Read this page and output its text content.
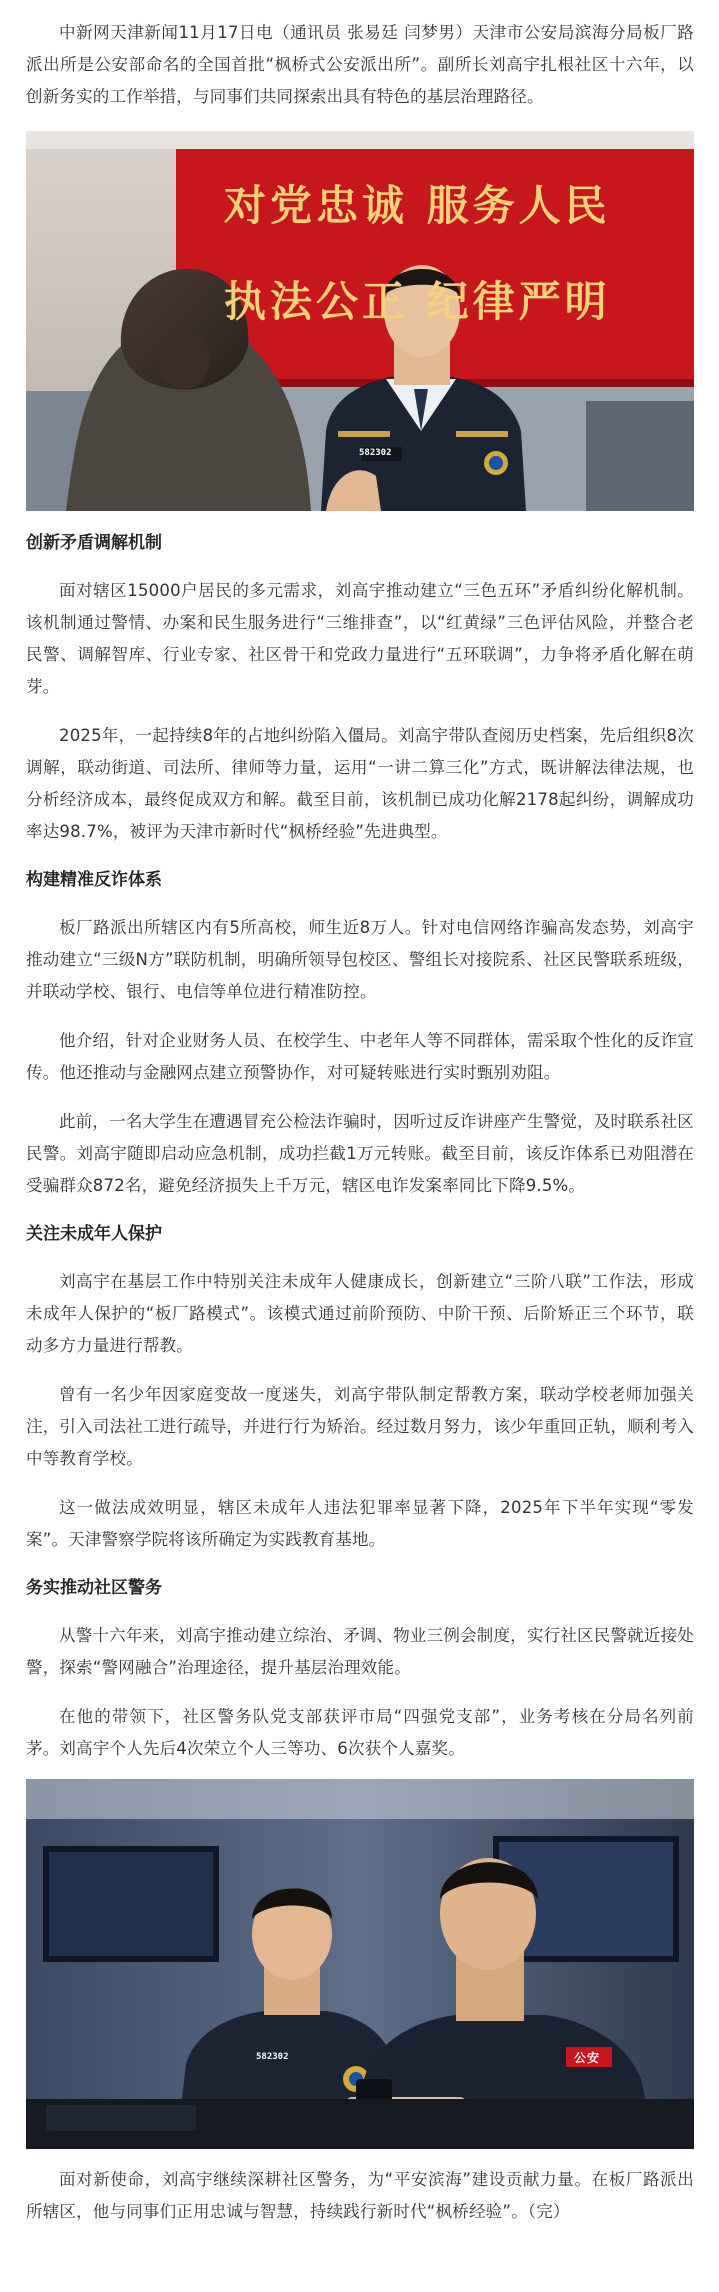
中新网天津新闻11月17日电（通讯员 张易廷 闫梦男）天津市公安局滨海分局板厂路派出所是公安部命名的全国首批“枫桥式公安派出所”。副所长刘高宇扎根社区十六年，以创新务实的工作举措，与同事们共同探索出具有特色的基层治理路径。

对党忠诚 服务人民
执法公正 纪律严明
582302
创新矛盾调解机制

面对辖区15000户居民的多元需求，刘高宇推动建立“三色五环”矛盾纠纷化解机制。该机制通过警情、办案和民生服务进行“三维排查”，以“红黄绿”三色评估风险，并整合老民警、调解智库、行业专家、社区骨干和党政力量进行“五环联调”，力争将矛盾化解在萌芽。

2025年，一起持续8年的占地纠纷陷入僵局。刘高宇带队查阅历史档案，先后组织8次调解，联动街道、司法所、律师等力量，运用“一讲二算三化”方式，既讲解法律法规，也分析经济成本，最终促成双方和解。截至目前，该机制已成功化解2178起纠纷，调解成功率达98.7%，被评为天津市新时代“枫桥经验”先进典型。

构建精准反诈体系

板厂路派出所辖区内有5所高校，师生近8万人。针对电信网络诈骗高发态势，刘高宇推动建立“三级N方”联防机制，明确所领导包校区、警组长对接院系、社区民警联系班级，并联动学校、银行、电信等单位进行精准防控。

他介绍，针对企业财务人员、在校学生、中老年人等不同群体，需采取个性化的反诈宣传。他还推动与金融网点建立预警协作，对可疑转账进行实时甄别劝阻。

此前，一名大学生在遭遇冒充公检法诈骗时，因听过反诈讲座产生警觉，及时联系社区民警。刘高宇随即启动应急机制，成功拦截1万元转账。截至目前，该反诈体系已劝阻潜在受骗群众872名，避免经济损失上千万元，辖区电诈发案率同比下降9.5%。

关注未成年人保护

刘高宇在基层工作中特别关注未成年人健康成长，创新建立“三阶八联”工作法，形成未成年人保护的“板厂路模式”。该模式通过前阶预防、中阶干预、后阶矫正三个环节，联动多方力量进行帮教。

曾有一名少年因家庭变故一度迷失，刘高宇带队制定帮教方案，联动学校老师加强关注，引入司法社工进行疏导，并进行行为矫治。经过数月努力，该少年重回正轨，顺利考入中等教育学校。

这一做法成效明显，辖区未成年人违法犯罪率显著下降，2025年下半年实现“零发案”。天津警察学院将该所确定为实践教育基地。

务实推动社区警务

从警十六年来，刘高宇推动建立综治、矛调、物业三例会制度，实行社区民警就近接处警，探索“警网融合”治理途径，提升基层治理效能。

在他的带领下，社区警务队党支部获评市局“四强党支部”，业务考核在分局名列前茅。刘高宇个人先后4次荣立个人三等功、6次获个人嘉奖。

582302	公安

面对新使命，刘高宇继续深耕社区警务，为“平安滨海”建设贡献力量。在板厂路派出所辖区，他与同事们正用忠诚与智慧，持续践行新时代“枫桥经验”。（完）
